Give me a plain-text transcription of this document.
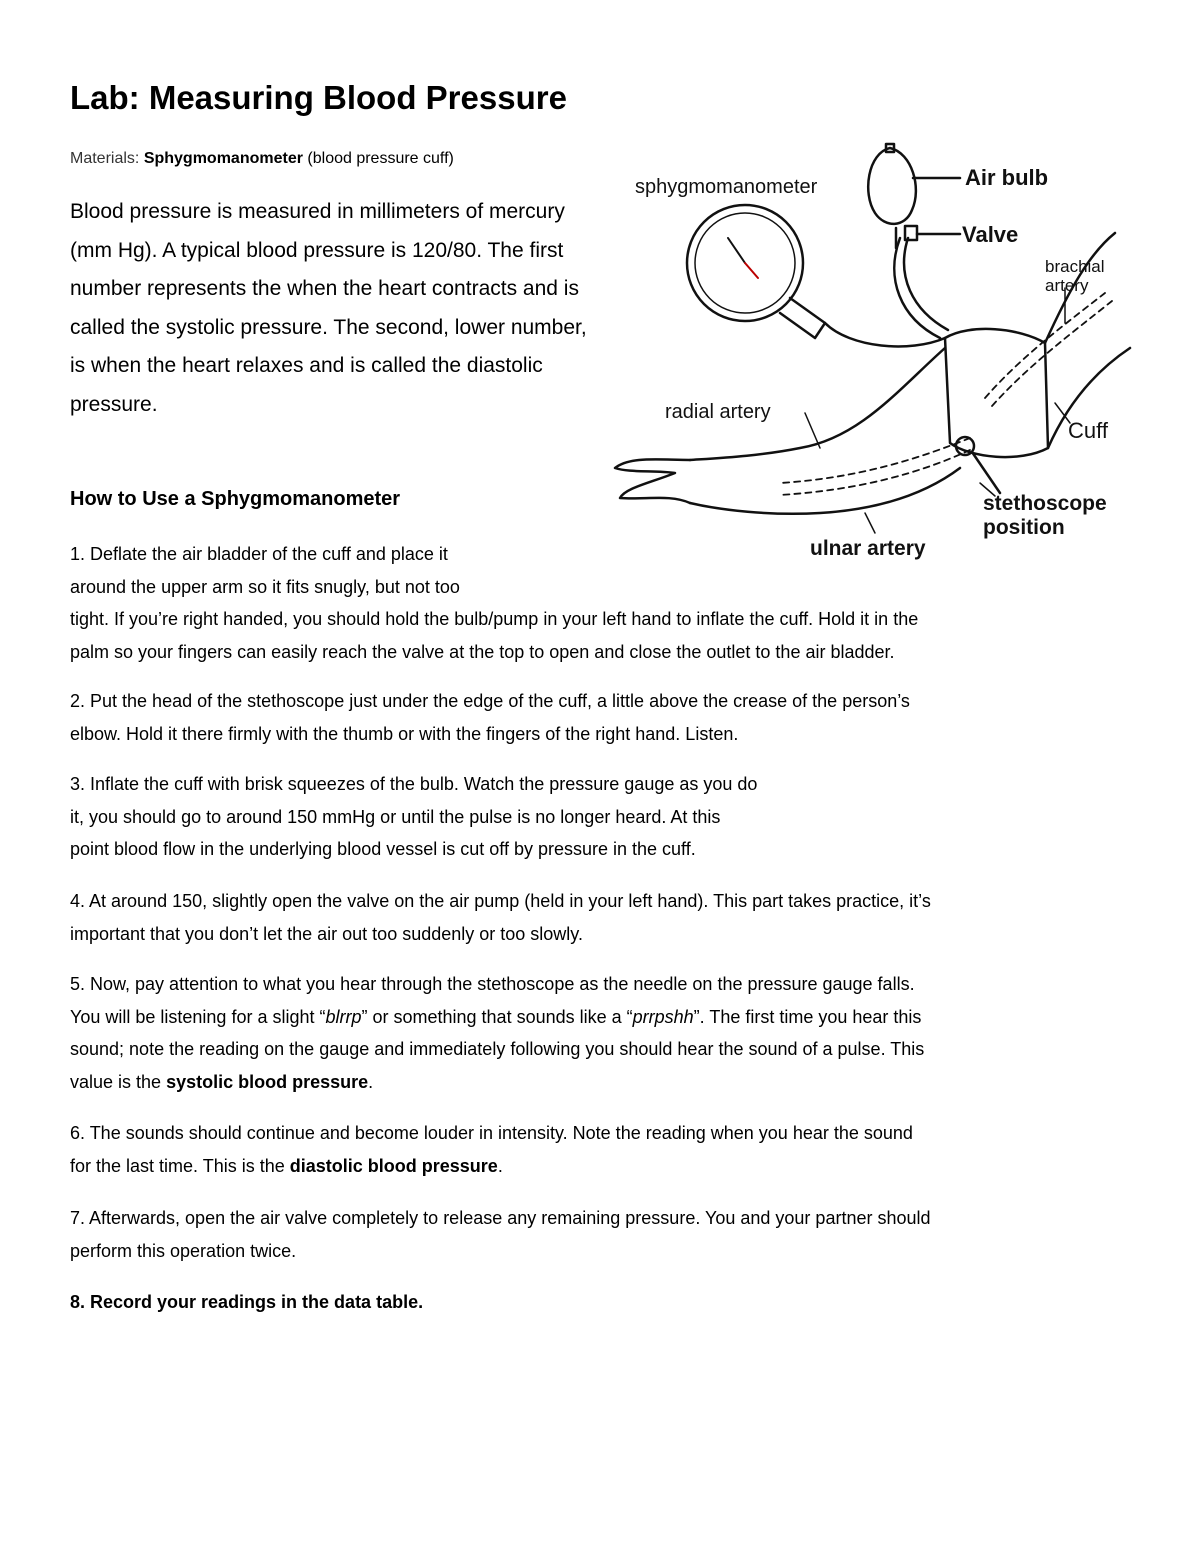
Lab: Measuring Blood Pressure
Materials: Sphygmomanometer (blood pressure cuff)

Blood pressure is measured in millimeters of mercury (mm Hg). A typical blood pressure is 120/80. The first number represents the when the heart contracts and is called the systolic pressure. The second, lower number, is when the heart relaxes and is called the diastolic pressure.

How to Use a Sphygmomanometer
sphygmomanometer	Air bulb
Valve
brachial
artery
radial artery
Cuff
stethoscope
position
ulnar artery
1. Deflate the air bladder of the cuff and place it
around the upper arm so it fits snugly, but not too
tight. If you’re right handed, you should hold the bulb/pump in your left hand to inflate the cuff. Hold it in the
palm so your fingers can easily reach the valve at the top to open and close the outlet to the air bladder.
2. Put the head of the stethoscope just under the edge of the cuff, a little above the crease of the person’s
elbow. Hold it there firmly with the thumb or with the fingers of the right hand. Listen.
3. Inflate the cuff with brisk squeezes of the bulb. Watch the pressure gauge as you do
it, you should go to around 150 mmHg or until the pulse is no longer heard. At this
point blood flow in the underlying blood vessel is cut off by pressure in the cuff.
4. At around 150, slightly open the valve on the air pump (held in your left hand). This part takes practice, it’s
important that you don’t let the air out too suddenly or too slowly.
5. Now, pay attention to what you hear through the stethoscope as the needle on the pressure gauge falls.
You will be listening for a slight “blrrp” or something that sounds like a “prrpshh”. The first time you hear this
sound; note the reading on the gauge and immediately following you should hear the sound of a pulse. This
value is the systolic blood pressure.
6. The sounds should continue and become louder in intensity. Note the reading when you hear the sound
for the last time. This is the diastolic blood pressure.
7. Afterwards, open the air valve completely to release any remaining pressure. You and your partner should
perform this operation twice.
8. Record your readings in the data table.
